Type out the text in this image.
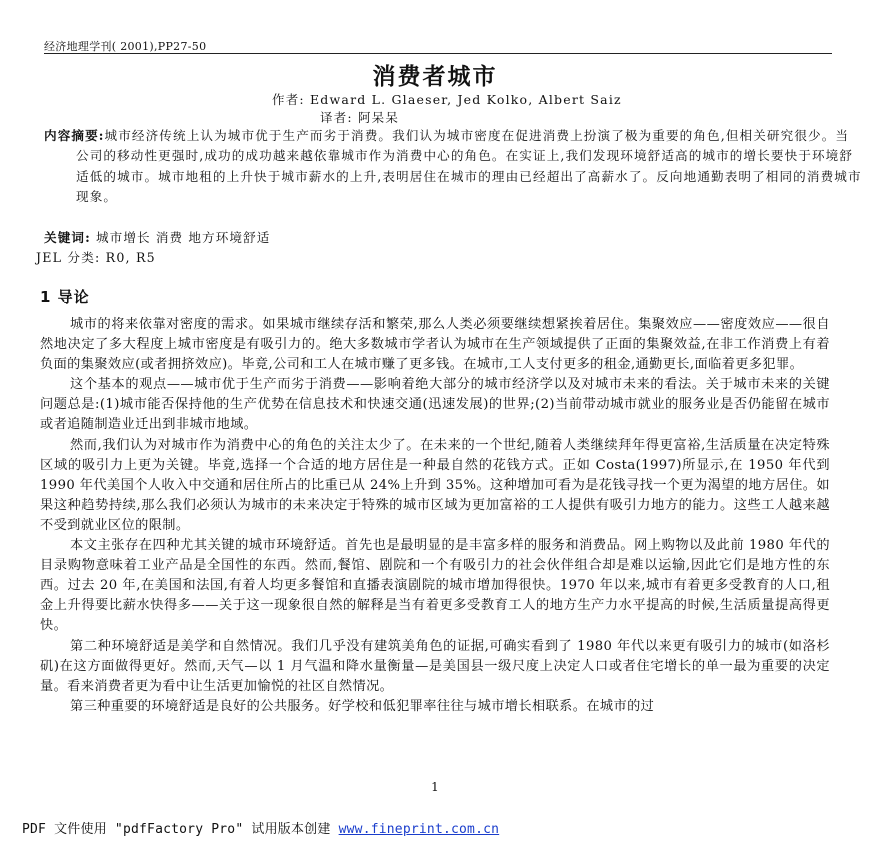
经济地理学刊( 2001),PP27-50
消费者城市
作者: Edward L. Glaeser, Jed Kolko, Albert Saiz
译者: 阿呆呆
内容摘要:城市经济传统上认为城市优于生产而劣于消费。我们认为城市密度在促进消费上扮演了极为重要的角色,但相关研究很少。当公司的移动性更强时,成功的成功越来越依靠城市作为消费中心的角色。在实证上,我们发现环境舒适高的城市的增长要快于环境舒适低的城市。城市地租的上升快于城市薪水的上升,表明居住在城市的理由已经超出了高薪水了。反向地通勤表明了相同的消费城市现象。
关键词: 城市增长 消费 地方环境舒适
JEL 分类: R0, R5
1 导论

城市的将来依靠对密度的需求。如果城市继续存活和繁荣,那么人类必须要继续想紧挨着居住。集聚效应——密度效应——很自然地决定了多大程度上城市密度是有吸引力的。绝大多数城市学者认为城市在生产领域提供了正面的集聚效益,在非工作消费上有着负面的集聚效应(或者拥挤效应)。毕竟,公司和工人在城市赚了更多钱。在城市,工人支付更多的租金,通勤更长,面临着更多犯罪。

这个基本的观点——城市优于生产而劣于消费——影响着绝大部分的城市经济学以及对城市未来的看法。关于城市未来的关键问题总是:(1)城市能否保持他的生产优势在信息技术和快速交通(迅速发展)的世界;(2)当前带动城市就业的服务业是否仍能留在城市或者追随制造业迁出到非城市地域。

然而,我们认为对城市作为消费中心的角色的关注太少了。在未来的一个世纪,随着人类继续拜年得更富裕,生活质量在决定特殊区域的吸引力上更为关键。毕竟,选择一个合适的地方居住是一种最自然的花钱方式。正如 Costa(1997)所显示,在 1950 年代到 1990 年代美国个人收入中交通和居住所占的比重已从 24%上升到 35%。这种增加可看为是花钱寻找一个更为渴望的地方居住。如果这种趋势持续,那么我们必须认为城市的未来决定于特殊的城市区域为更加富裕的工人提供有吸引力地方的能力。这些工人越来越不受到就业区位的限制。

本文主张存在四种尤其关键的城市环境舒适。首先也是最明显的是丰富多样的服务和消费品。网上购物以及此前 1980 年代的目录购物意味着工业产品是全国性的东西。然而,餐馆、剧院和一个有吸引力的社会伙伴组合却是难以运输,因此它们是地方性的东西。过去 20 年,在美国和法国,有着人均更多餐馆和直播表演剧院的城市增加得很快。1970 年以来,城市有着更多受教育的人口,租金上升得要比薪水快得多——关于这一现象很自然的解释是当有着更多受教育工人的地方生产力水平提高的时候,生活质量提高得更快。

第二种环境舒适是美学和自然情况。我们几乎没有建筑美角色的证据,可确实看到了 1980 年代以来更有吸引力的城市(如洛杉矶)在这方面做得更好。然而,天气—以 1 月气温和降水量衡量—是美国县一级尺度上决定人口或者住宅增长的单一最为重要的决定量。看来消费者更为看中让生活更加愉悦的社区自然情况。

第三种重要的环境舒适是良好的公共服务。好学校和低犯罪率往往与城市增长相联系。在城市的过

1
PDF 文件使用 "pdfFactory Pro" 试用版本创建 www.fineprint.com.cn
